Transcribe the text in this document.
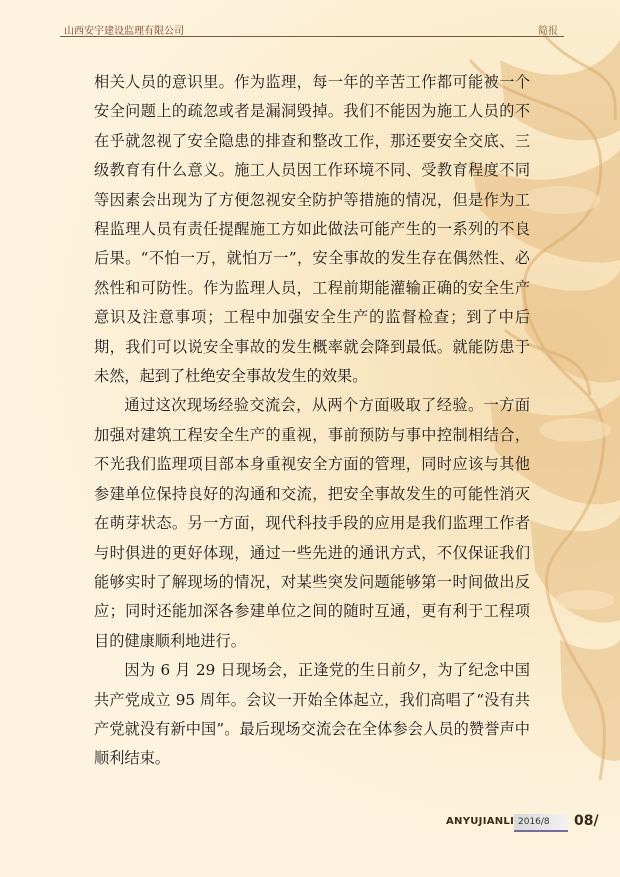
山西安宇建设监理有限公司	简报

相关人员的意识里。作为监理，每一年的辛苦工作都可能被一个安全问题上的疏忽或者是漏洞毁掉。我们不能因为施工人员的不在乎就忽视了安全隐患的排查和整改工作，那还要安全交底、三级教育有什么意义。施工人员因工作环境不同、受教育程度不同等因素会出现为了方便忽视安全防护等措施的情况，但是作为工程监理人员有责任提醒施工方如此做法可能产生的一系列的不良后果。“不怕一万，就怕万一”，安全事故的发生存在偶然性、必然性和可防性。作为监理人员，工程前期能灌输正确的安全生产意识及注意事项；工程中加强安全生产的监督检查；到了中后期，我们可以说安全事故的发生概率就会降到最低。就能防患于未然，起到了杜绝安全事故发生的效果。

通过这次现场经验交流会，从两个方面吸取了经验。一方面加强对建筑工程安全生产的重视，事前预防与事中控制相结合，不光我们监理项目部本身重视安全方面的管理，同时应该与其他参建单位保持良好的沟通和交流，把安全事故发生的可能性消灭在萌芽状态。另一方面，现代科技手段的应用是我们监理工作者与时俱进的更好体现，通过一些先进的通讯方式，不仅保证我们能够实时了解现场的情况，对某些突发问题能够第一时间做出反应；同时还能加深各参建单位之间的随时互通，更有利于工程项目的健康顺利地进行。

因为 6 月 29 日现场会，正逢党的生日前夕，为了纪念中国共产党成立 95 周年。会议一开始全体起立，我们高唱了“没有共产党就没有新中国”。最后现场交流会在全体参会人员的赞誉声中顺利结束。

ANYUJIANLI 2016/8 08/
